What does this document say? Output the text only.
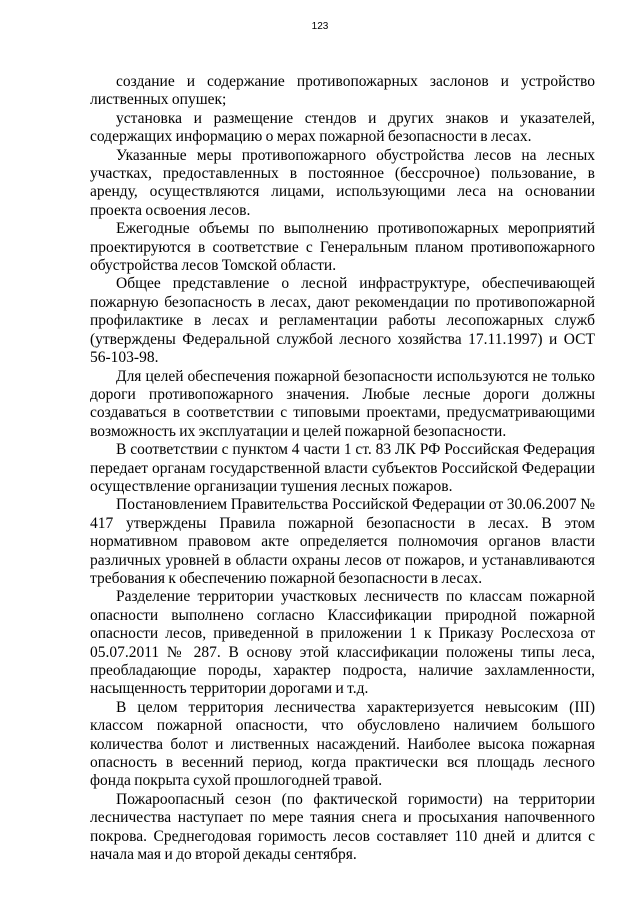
123

создание и содержание противопожарных заслонов и устройство лиственных опушек;

установка и размещение стендов и других знаков и указателей, содержащих информацию о мерах пожарной безопасности в лесах.

Указанные меры противопожарного обустройства лесов на лесных участках, предоставленных в постоянное (бессрочное) пользование, в аренду, осуществляются лицами, использующими леса на основании проекта освоения лесов.

Ежегодные объемы по выполнению противопожарных мероприятий проектируются в соответствие с Генеральным планом противопожарного обустройства лесов Томской области.

Общее представление о лесной инфраструктуре, обеспечивающей пожарную безопасность в лесах, дают рекомендации по противопожарной профилактике в лесах и регламентации работы лесопожарных служб (утверждены Федеральной службой лесного хозяйства 17.11.1997) и ОСТ 56-103-98.

Для целей обеспечения пожарной безопасности используются не только дороги противопожарного значения. Любые лесные дороги должны создаваться в соответствии с типовыми проектами, предусматривающими возможность их эксплуатации и целей пожарной безопасности.

В соответствии с пунктом 4 части 1 ст. 83 ЛК РФ Российская Федерация передает органам государственной власти субъектов Российской Федерации осуществление организации тушения лесных пожаров.

Постановлением Правительства Российской Федерации от 30.06.2007 № 417 утверждены Правила пожарной безопасности в лесах. В этом нормативном правовом акте определяется полномочия органов власти различных уровней в области охраны лесов от пожаров, и устанавливаются требования к обеспечению пожарной безопасности в лесах.

Разделение территории участковых лесничеств по классам пожарной опасности выполнено согласно Классификации природной пожарной опасности лесов, приведенной в приложении 1 к Приказу Рослесхоза от 05.07.2011 № 287. В основу этой классификации положены типы леса, преобладающие породы, характер подроста, наличие захламленности, насыщенность территории дорогами и т.д.

В целом территория лесничества характеризуется невысоким (III) классом пожарной опасности, что обусловлено наличием большого количества болот и лиственных насаждений. Наиболее высока пожарная опасность в весенний период, когда практически вся площадь лесного фонда покрыта сухой прошлогодней травой.

Пожароопасный сезон (по фактической горимости) на территории лесничества наступает по мере таяния снега и просыхания напочвенного покрова. Среднегодовая горимость лесов составляет 110 дней и длится с начала мая и до второй декады сентября.
